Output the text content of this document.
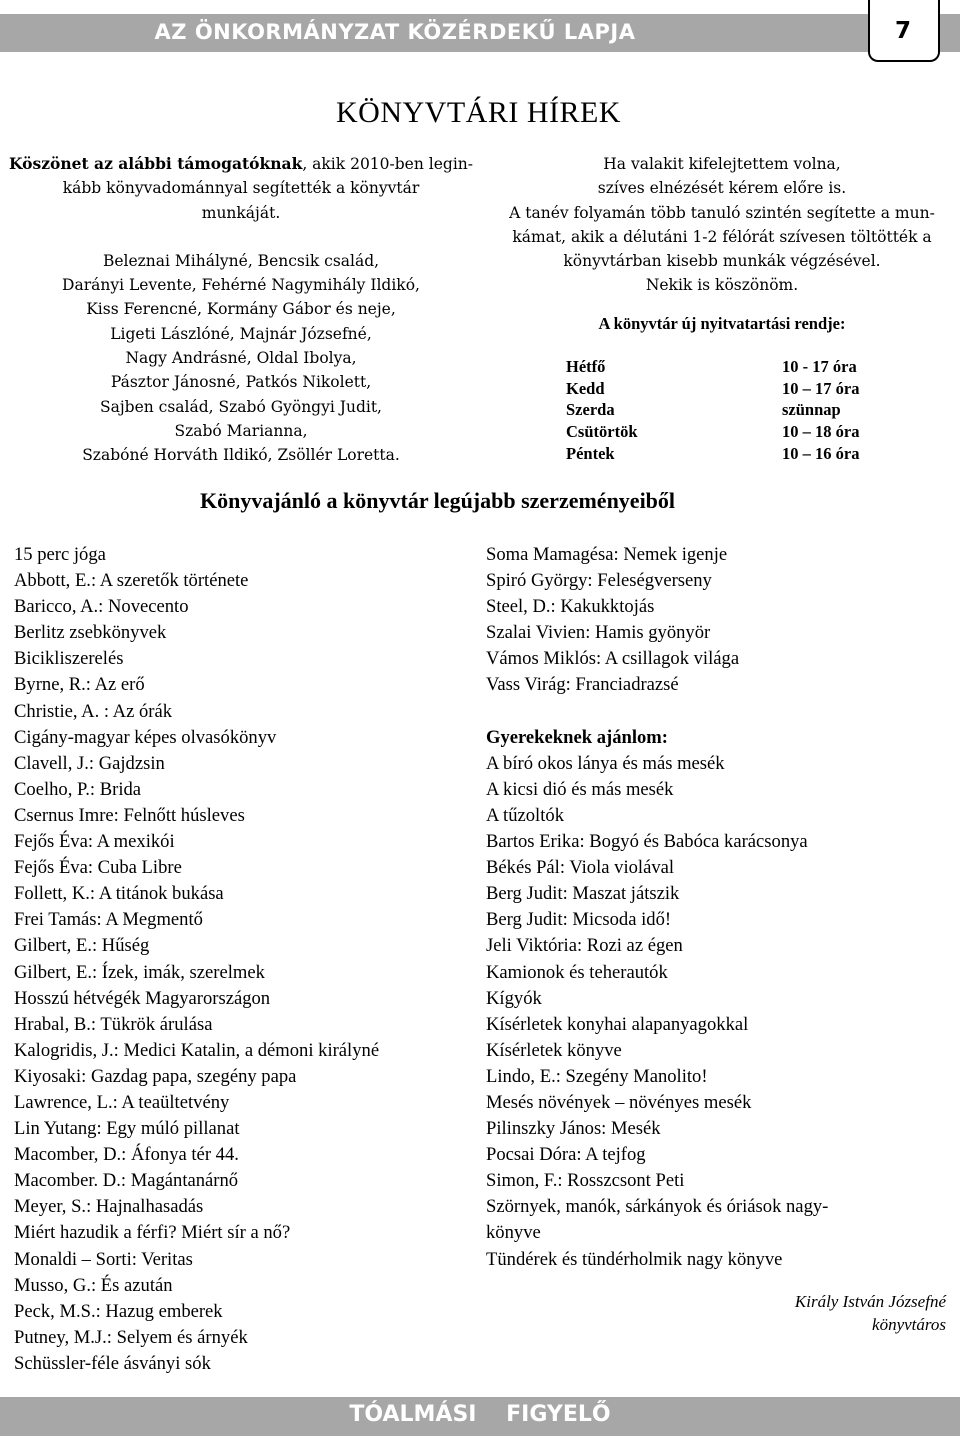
AZ ÖNKORMÁNYZAT KÖZÉRDEKŰ LAPJA	7
KÖNYVTÁRI HÍREK
Köszönet az alábbi támogatóknak, akik 2010-ben legin-
kább könyvadománnyal segítették a könyvtár
munkáját.
Beleznai Mihályné, Bencsik család,
Darányi Levente, Fehérné Nagymihály Ildikó,
Kiss Ferencné, Kormány Gábor és neje,
Ligeti Lászlóné, Majnár Józsefné,
Nagy Andrásné, Oldal Ibolya,
Pásztor Jánosné, Patkós Nikolett,
Sajben család, Szabó Gyöngyi Judit,
Szabó Marianna,
Szabóné Horváth Ildikó, Zsöllér Loretta.
Ha valakit kifelejtettem volna,
szíves elnézését kérem előre is.
A tanév folyamán több tanuló szintén segítette a mun-
kámat, akik a délutáni 1-2 félórát szívesen töltötték a
könyvtárban kisebb munkák végzésével.
Nekik is köszönöm.
A könyvtár új nyitvatartási rendje:
Hétfő	10 - 17 óra
Kedd	10 – 17 óra
Szerda	szünnap
Csütörtök	10 – 18 óra
Péntek	10 – 16 óra
Könyvajánló a könyvtár legújabb szerzeményeiből
15 perc jóga
Abbott, E.: A szeretők története
Baricco, A.: Novecento
Berlitz zsebkönyvek
Bicikliszerelés
Byrne, R.: Az erő
Christie, A. : Az órák
Cigány-magyar képes olvasókönyv
Clavell, J.: Gajdzsin
Coelho, P.: Brida
Csernus Imre: Felnőtt húsleves
Fejős Éva: A mexikói
Fejős Éva: Cuba Libre
Follett, K.: A titánok bukása
Frei Tamás: A Megmentő
Gilbert, E.: Hűség
Gilbert, E.: Ízek, imák, szerelmek
Hosszú hétvégék Magyarországon
Hrabal, B.: Tükrök árulása
Kalogridis, J.: Medici Katalin, a démoni királyné
Kiyosaki: Gazdag papa, szegény papa
Lawrence, L.: A teaültetvény
Lin Yutang: Egy múló pillanat
Macomber, D.: Áfonya tér 44.
Macomber. D.: Magántanárnő
Meyer, S.: Hajnalhasadás
Miért hazudik a férfi? Miért sír a nő?
Monaldi – Sorti: Veritas
Musso, G.: És azután
Peck, M.S.: Hazug emberek
Putney, M.J.: Selyem és árnyék
Schüssler-féle ásványi sók
Soma Mamagésa: Nemek igenje
Spiró György: Feleségverseny
Steel, D.: Kakukktojás
Szalai Vivien: Hamis gyönyör
Vámos Miklós: A csillagok világa
Vass Virág: Franciadrazsé
Gyerekeknek ajánlom:
A bíró okos lánya és más mesék
A kicsi dió és más mesék
A tűzoltók
Bartos Erika: Bogyó és Babóca karácsonya
Békés Pál: Viola violával
Berg Judit: Maszat játszik
Berg Judit: Micsoda idő!
Jeli Viktória: Rozi az égen
Kamionok és teherautók
Kígyók
Kísérletek konyhai alapanyagokkal
Kísérletek könyve
Lindo, E.: Szegény Manolito!
Mesés növények – növényes mesék
Pilinszky János: Mesék
Pocsai Dóra: A tejfog
Simon, F.: Rosszcsont Peti
Szörnyek, manók, sárkányok és óriások nagy-
könyve
Tündérek és tündérholmik nagy könyve
Király István Józsefné
könyvtáros
TÓALMÁSI FIGYELŐ
